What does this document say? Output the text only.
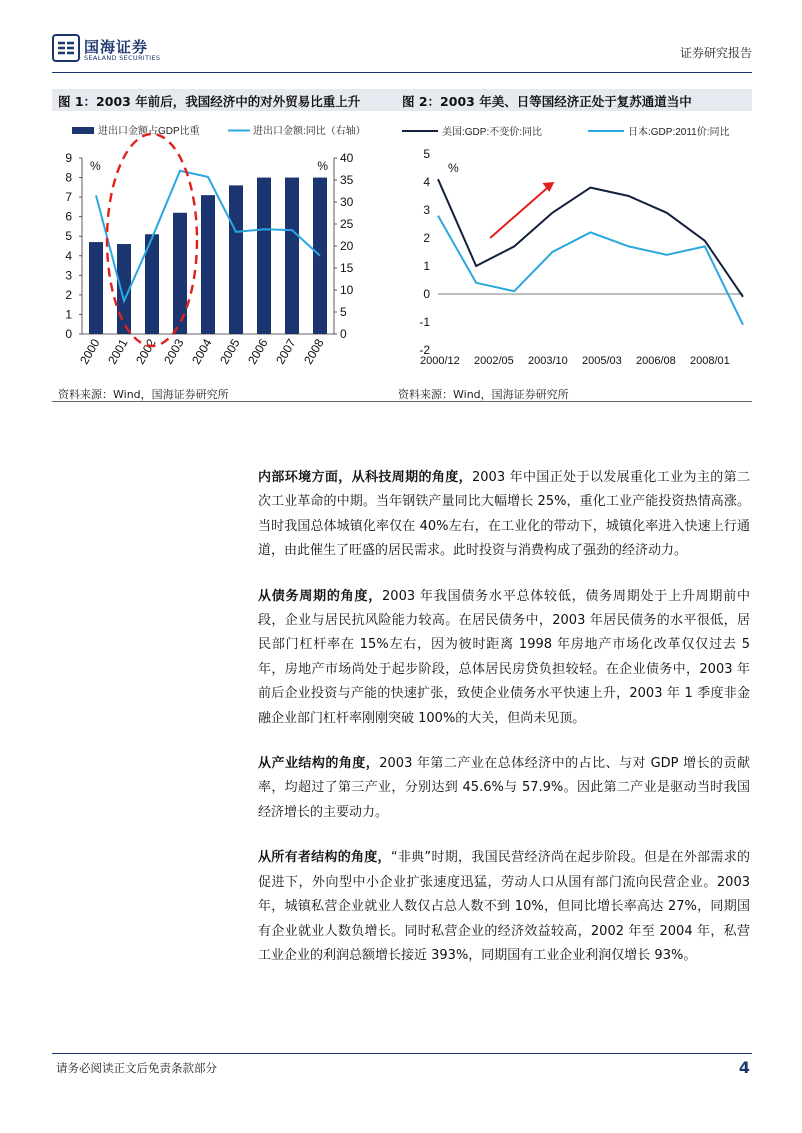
国海证券
SEALAND SECURITIES	证券研究报告
图 1：2003 年前后，我国经济中的对外贸易比重上升	图 2：2003 年美、日等国经济正处于复苏通道当中
进出口金额占GDP比重	进出口金额:同比（右轴）
0
1
2
3
4
5
6
7
8
9
0
5
10
15
20
25
30
35
40
%	%
2000 2001 2002 2003 2004 2005 2006 2007 2008
美国:GDP:不变价:同比	日本:GDP:2011价:同比
-2
-1
0
1
2
3
4
5
%
2000/12 2002/05 2003/10 2005/03 2006/08 2008/01
资料来源：Wind，国海证券研究所	资料来源：Wind，国海证券研究所

内部环境方面，从科技周期的角度，2003 年中国正处于以发展重化工业为主的第二次工业革命的中期。当年钢铁产量同比大幅增长 25%，重化工业产能投资热情高涨。当时我国总体城镇化率仅在 40%左右，在工业化的带动下，城镇化率进入快速上行通道，由此催生了旺盛的居民需求。此时投资与消费构成了强劲的经济动力。

从债务周期的角度，2003 年我国债务水平总体较低，债务周期处于上升周期前中段，企业与居民抗风险能力较高。在居民债务中，2003 年居民债务的水平很低，居民部门杠杆率在 15%左右，因为彼时距离 1998 年房地产市场化改革仅仅过去 5 年，房地产市场尚处于起步阶段，总体居民房贷负担较轻。在企业债务中，2003 年前后企业投资与产能的快速扩张，致使企业债务水平快速上升，2003 年 1 季度非金融企业部门杠杆率刚刚突破 100%的大关，但尚未见顶。

从产业结构的角度，2003 年第二产业在总体经济中的占比、与对 GDP 增长的贡献率，均超过了第三产业，分别达到 45.6%与 57.9%。因此第二产业是驱动当时我国经济增长的主要动力。

从所有者结构的角度，“非典”时期，我国民营经济尚在起步阶段。但是在外部需求的促进下，外向型中小企业扩张速度迅猛，劳动人口从国有部门流向民营企业。2003 年，城镇私营企业就业人数仅占总人数不到 10%，但同比增长率高达 27%，同期国有企业就业人数负增长。同时私营企业的经济效益较高，2002 年至 2004 年，私营工业企业的利润总额增长接近 393%，同期国有工业企业利润仅增长 93%。

请务必阅读正文后免责条款部分	4
